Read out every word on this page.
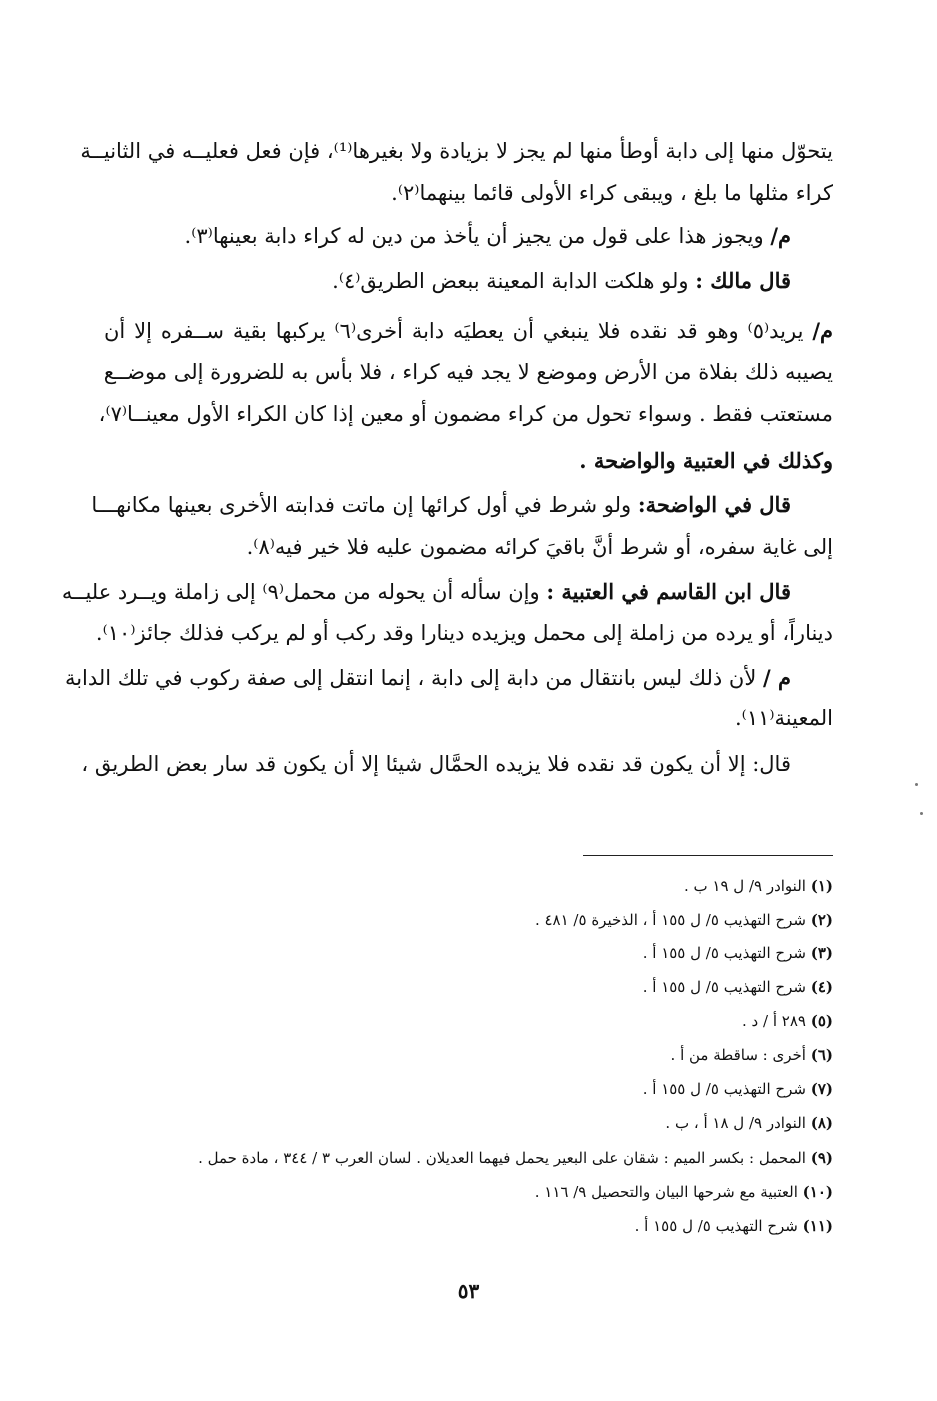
يتحوّل منها إلى دابة أوطأ منها لم يجز لا بزيادة ولا بغيرها⁽¹⁾، فإن فعل فعليــه في الثانيــة
كراء مثلها ما بلغ ، ويبقى كراء الأولى قائما بينهما⁽٢⁾.
م/ ويجوز هذا على قول من يجيز أن يأخذ من دين له كراء دابة بعينها⁽٣⁾.
قال مالك : ولو هلكت الدابة المعينة ببعض الطريق⁽٤⁾.
م/ يريد⁽٥⁾ وهو قد نقده فلا ينبغي أن يعطيَه دابة أخرى⁽٦⁾ يركبها بقية ســفره إلا أن
يصيبه ذلك بفلاة من الأرض وموضع لا يجد فيه كراء ، فلا بأس به للضرورة إلى موضــع
مستعتب فقط . وسواء تحول من كراء مضمون أو معين إذا كان الكراء الأول معينــا⁽٧⁾،
وكذلك في العتبية والواضحة .
قال في الواضحة: ولو شرط في أول كرائها إن ماتت فدابته الأخرى بعينها مكانهـــا
إلى غاية سفره، أو شرط أنَّ باقيَ كرائه مضمون عليه فلا خير فيه⁽٨⁾.
قال ابن القاسم في العتبية : وإن سأله أن يحوله من محمل⁽٩⁾ إلى زاملة ويــرد عليــه
ديناراً، أو يرده من زاملة إلى محمل ويزيده دينارا وقد ركب أو لم يركب فذلك جائز⁽١٠⁾.
م / لأن ذلك ليس بانتقال من دابة إلى دابة ، إنما انتقل إلى صفة ركوب في تلك الدابة
المعينة⁽١١⁾.
قال: إلا أن يكون قد نقده فلا يزيده الحمَّال شيئا إلا أن يكون قد سار بعض الطريق ،
(١) النوادر ٩/ ل ١٩ ب .
(٢) شرح التهذيب ٥/ ل ١٥٥ أ ، الذخيرة ٥/ ٤٨١ .
(٣) شرح التهذيب ٥/ ل ١٥٥ أ .
(٤) شرح التهذيب ٥/ ل ١٥٥ أ .
(٥) ٢٨٩ أ / د .
(٦) أخرى : ساقطة من أ .
(٧) شرح التهذيب ٥/ ل ١٥٥ أ .
(٨) النوادر ٩/ ل ١٨ أ ، ب .
(٩) المحمل : بكسر الميم : شقان على البعير يحمل فيهما العديلان . لسان العرب ٣ / ٣٤٤ ، مادة حمل .
(١٠) العتبية مع شرحها البيان والتحصيل ٩/ ١١٦ .
(١١) شرح التهذيب ٥/ ل ١٥٥ أ .
٥٣
